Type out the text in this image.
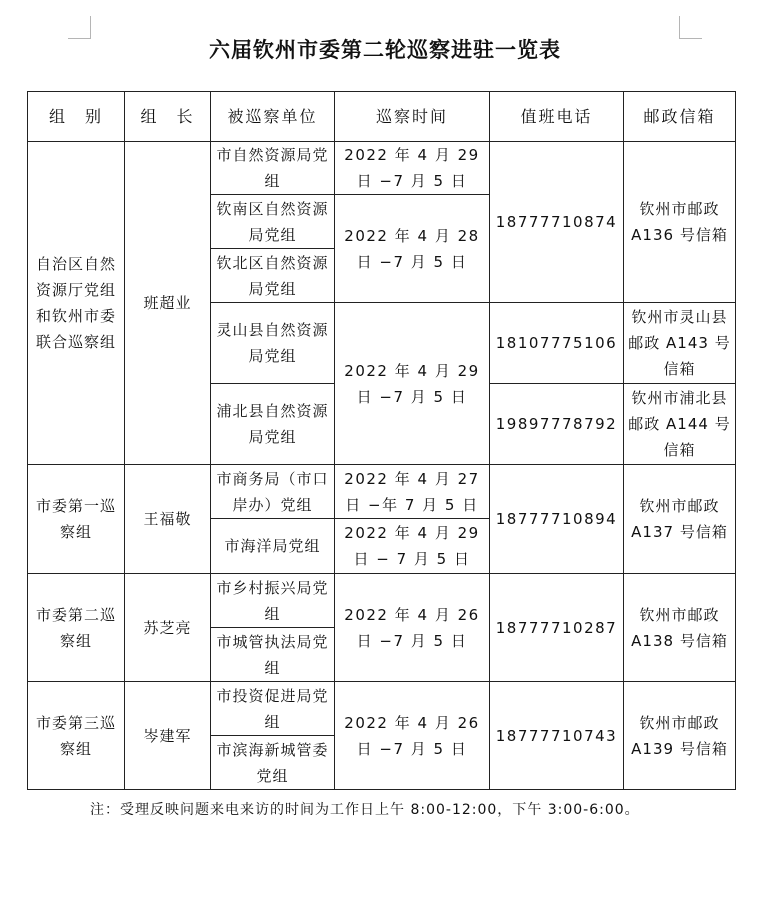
六届钦州市委第二轮巡察进驻一览表
组　别	组　长	被巡察单位	巡察时间	值班电话	邮政信箱
自治区自然资源厅党组和钦州市委联合巡察组	班超业	市自然资源局党组	2022 年 4 月 29 日 −7 月 5 日	18777710874	钦州市邮政 A136 号信箱
		钦南区自然资源局党组	2022 年 4 月 28 日 −7 月 5 日		
		钦北区自然资源局党组			
		灵山县自然资源局党组	2022 年 4 月 29 日 −7 月 5 日	18107775106	钦州市灵山县邮政 A143 号信箱
		浦北县自然资源局党组		19897778792	钦州市浦北县邮政 A144 号信箱
市委第一巡察组	王福敬	市商务局（市口岸办）党组	2022 年 4 月 27 日 −年 7 月 5 日	18777710894	钦州市邮政 A137 号信箱
		市海洋局党组	2022 年 4 月 29 日 − 7 月 5 日		
市委第二巡察组	苏芝亮	市乡村振兴局党组	2022 年 4 月 26 日 −7 月 5 日	18777710287	钦州市邮政 A138 号信箱
		市城管执法局党组			
市委第三巡察组	岑建军	市投资促进局党组	2022 年 4 月 26 日 −7 月 5 日	18777710743	钦州市邮政 A139 号信箱
		市滨海新城管委党组			

注：受理反映问题来电来访的时间为工作日上午 8:00-12:00，下午 3:00-6:00。
